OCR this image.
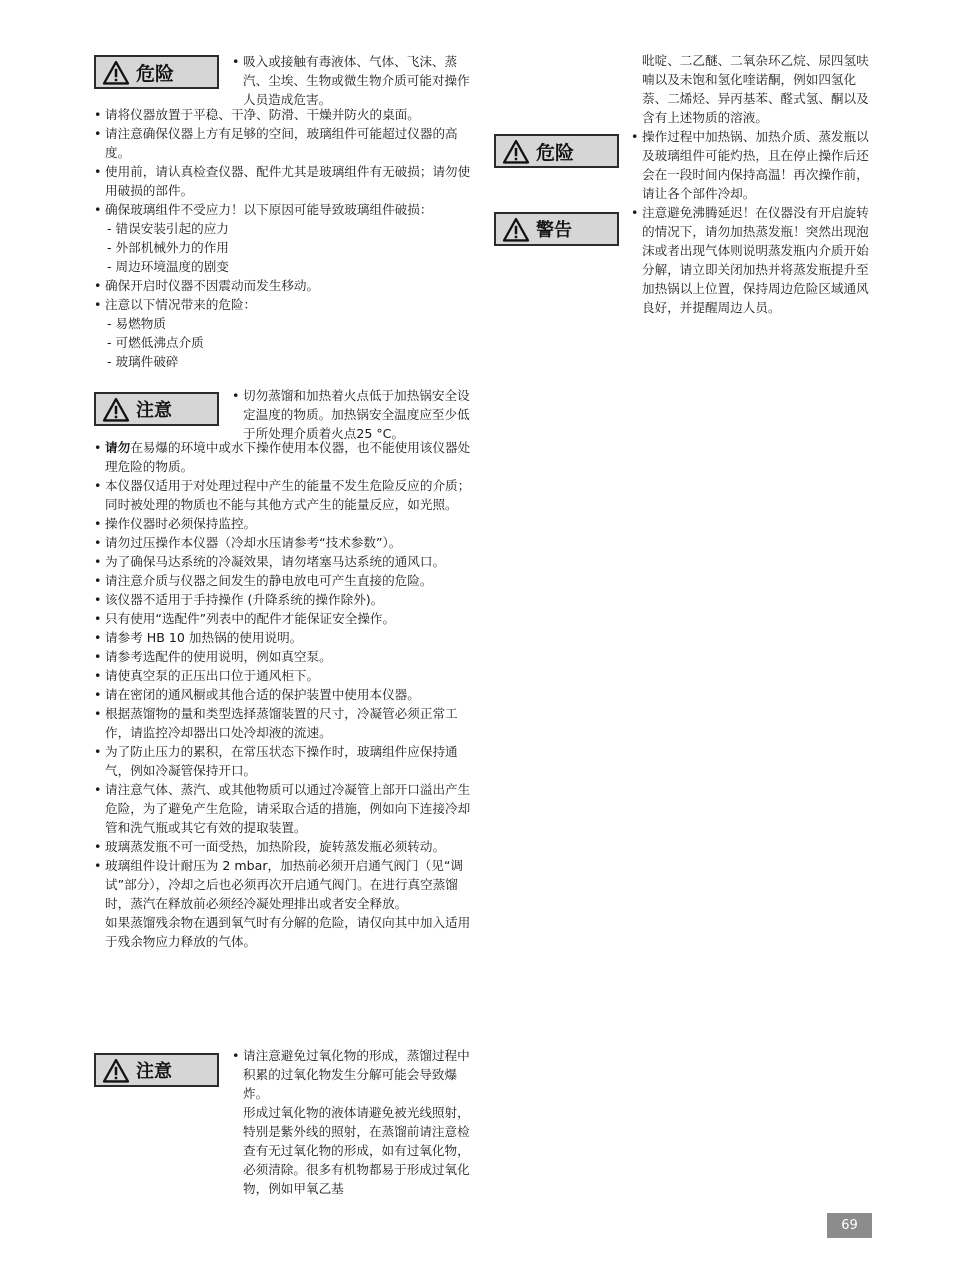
危险
• 吸入或接触有毒液体、气体、飞沫、蒸汽、尘埃、生物或微生物介质可能对操作人员造成危害。
• 请将仪器放置于平稳、干净、防滑、干燥并防火的桌面。
• 请注意确保仪器上方有足够的空间，玻璃组件可能超过仪器的高度。
• 使用前，请认真检查仪器、配件尤其是玻璃组件有无破损；请勿使用破损的部件。
• 确保玻璃组件不受应力！以下原因可能导致玻璃组件破损：
- 错误安装引起的应力
- 外部机械外力的作用
- 周边环境温度的剧变
• 确保开启时仪器不因震动而发生移动。
• 注意以下情况带来的危险：
- 易燃物质
- 可燃低沸点介质
- 玻璃件破碎
注意
• 切勿蒸馏和加热着火点低于加热锅安全设定温度的物质。加热锅安全温度应至少低于所处理介质着火点25 °C。
• 请勿在易爆的环境中或水下操作使用本仪器，也不能使用该仪器处理危险的物质。
• 本仪器仅适用于对处理过程中产生的能量不发生危险反应的介质；同时被处理的物质也不能与其他方式产生的能量反应，如光照。
• 操作仪器时必须保持监控。
• 请勿过压操作本仪器（冷却水压请参考“技术参数”）。
• 为了确保马达系统的冷凝效果，请勿堵塞马达系统的通风口。
• 请注意介质与仪器之间发生的静电放电可产生直接的危险。
• 该仪器不适用于手持操作 (升降系统的操作除外)。
• 只有使用“选配件”列表中的配件才能保证安全操作。
• 请参考 HB 10 加热锅的使用说明。
• 请参考选配件的使用说明，例如真空泵。
• 请使真空泵的正压出口位于通风柜下。
• 请在密闭的通风橱或其他合适的保护装置中使用本仪器。
• 根据蒸馏物的量和类型选择蒸馏装置的尺寸，冷凝管必须正常工作，请监控冷却器出口处冷却液的流速。
• 为了防止压力的累积，在常压状态下操作时，玻璃组件应保持通气，例如冷凝管保持开口。
• 请注意气体、蒸汽、或其他物质可以通过冷凝管上部开口溢出产生危险，为了避免产生危险，请采取合适的措施，例如向下连接冷却管和洗气瓶或其它有效的提取装置。
• 玻璃蒸发瓶不可一面受热，加热阶段，旋转蒸发瓶必须转动。
• 玻璃组件设计耐压为 2 mbar，加热前必须开启通气阀门（见“调试”部分），冷却之后也必须再次开启通气阀门。在进行真空蒸馏时，蒸汽在释放前必须经冷凝处理排出或者安全释放。
如果蒸馏残余物在遇到氧气时有分解的危险，请仅向其中加入适用于残余物应力释放的气体。
注意
• 请注意避免过氧化物的形成，蒸馏过程中积累的过氧化物发生分解可能会导致爆炸。
形成过氧化物的液体请避免被光线照射，特别是紫外线的照射，在蒸馏前请注意检查有无过氧化物的形成，如有过氧化物，必须清除。很多有机物都易于形成过氧化物，例如甲氧乙基
危险
警告
吡啶、二乙醚、二氧杂环乙烷、尿四氢呋喃以及未饱和氢化喹诺酮，例如四氢化萘、二烯烃、异丙基苯、醛式氢、酮以及含有上述物质的溶液。
• 操作过程中加热锅、加热介质、蒸发瓶以及玻璃组件可能灼热，且在停止操作后还会在一段时间内保持高温！再次操作前，请让各个部件冷却。
• 注意避免沸腾延迟！在仪器没有开启旋转的情况下，请勿加热蒸发瓶！突然出现泡沫或者出现气体则说明蒸发瓶内介质开始分解，请立即关闭加热并将蒸发瓶提升至加热锅以上位置，保持周边危险区域通风良好，并提醒周边人员。
69
